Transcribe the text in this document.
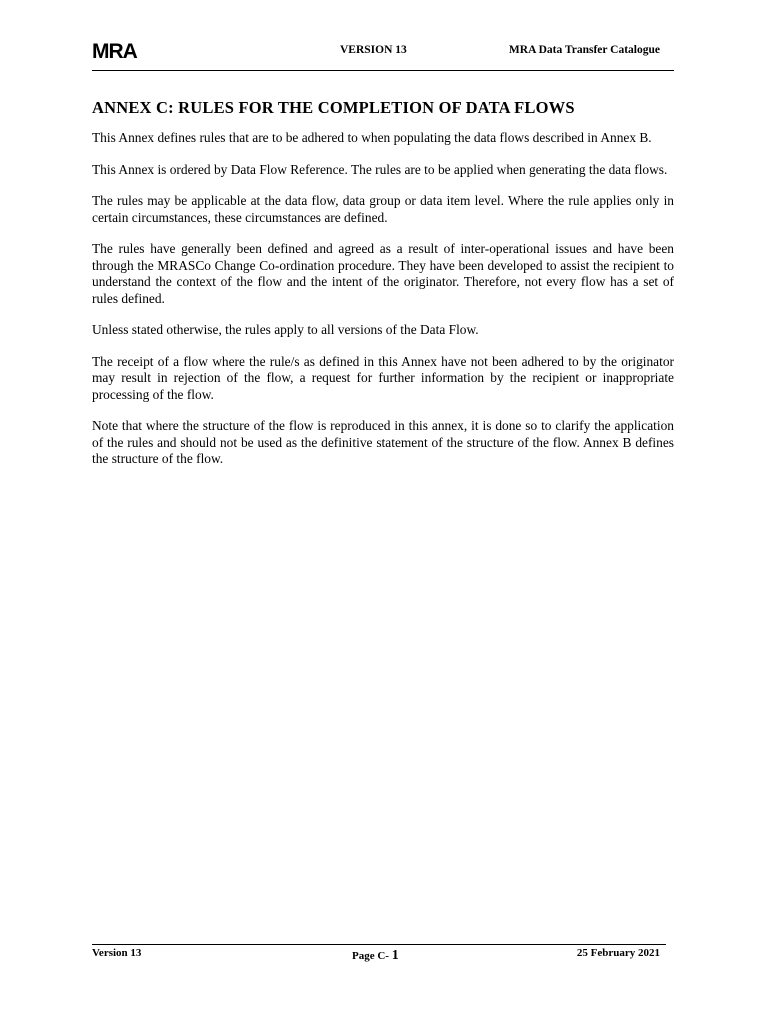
MRA	VERSION 13	MRA Data Transfer Catalogue
ANNEX C: RULES FOR THE COMPLETION OF DATA FLOWS

This Annex defines rules that are to be adhered to when populating the data flows described in Annex B.

This Annex is ordered by Data Flow Reference. The rules are to be applied when generating the data flows.

The rules may be applicable at the data flow, data group or data item level. Where the rule applies only in certain circumstances, these circumstances are defined.

The rules have generally been defined and agreed as a result of inter-operational issues and have been through the MRASCo Change Co-ordination procedure. They have been developed to assist the recipient to understand the context of the flow and the intent of the originator. Therefore, not every flow has a set of rules defined.

Unless stated otherwise, the rules apply to all versions of the Data Flow.

The receipt of a flow where the rule/s as defined in this Annex have not been adhered to by the originator may result in rejection of the flow, a request for further information by the recipient or inappropriate processing of the flow.

Note that where the structure of the flow is reproduced in this annex, it is done so to clarify the application of the rules and should not be used as the definitive statement of the structure of the flow. Annex B defines the structure of the flow.

Version 13	Page C- 1	25 February 2021
